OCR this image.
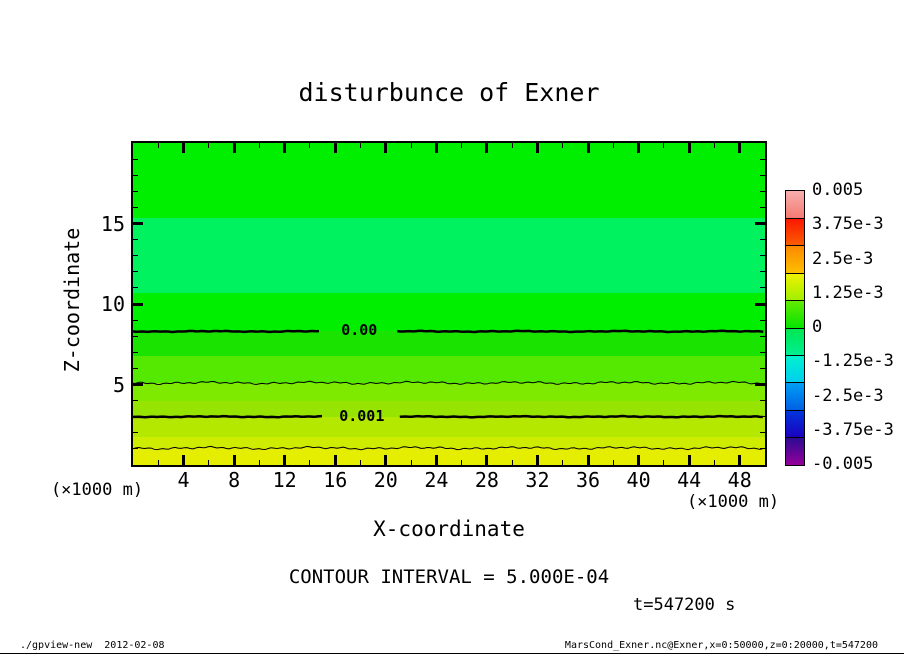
disturbunce of Exner
Z-coordinate	0.00
0.001
4	8	12	16	20	24	28	32	36	40	44	48
5
10
15
(×1000 m)
(×1000 m)
X-coordinate
CONTOUR INTERVAL = 5.000E-04
t=547200 s
0.005
3.75e-3
2.5e-3
1.25e-3
0
-1.25e-3
-2.5e-3
-3.75e-3
-0.005
./gpview-new  2012-02-08	MarsCond_Exner.nc@Exner,x=0:50000,z=0:20000,t=547200
